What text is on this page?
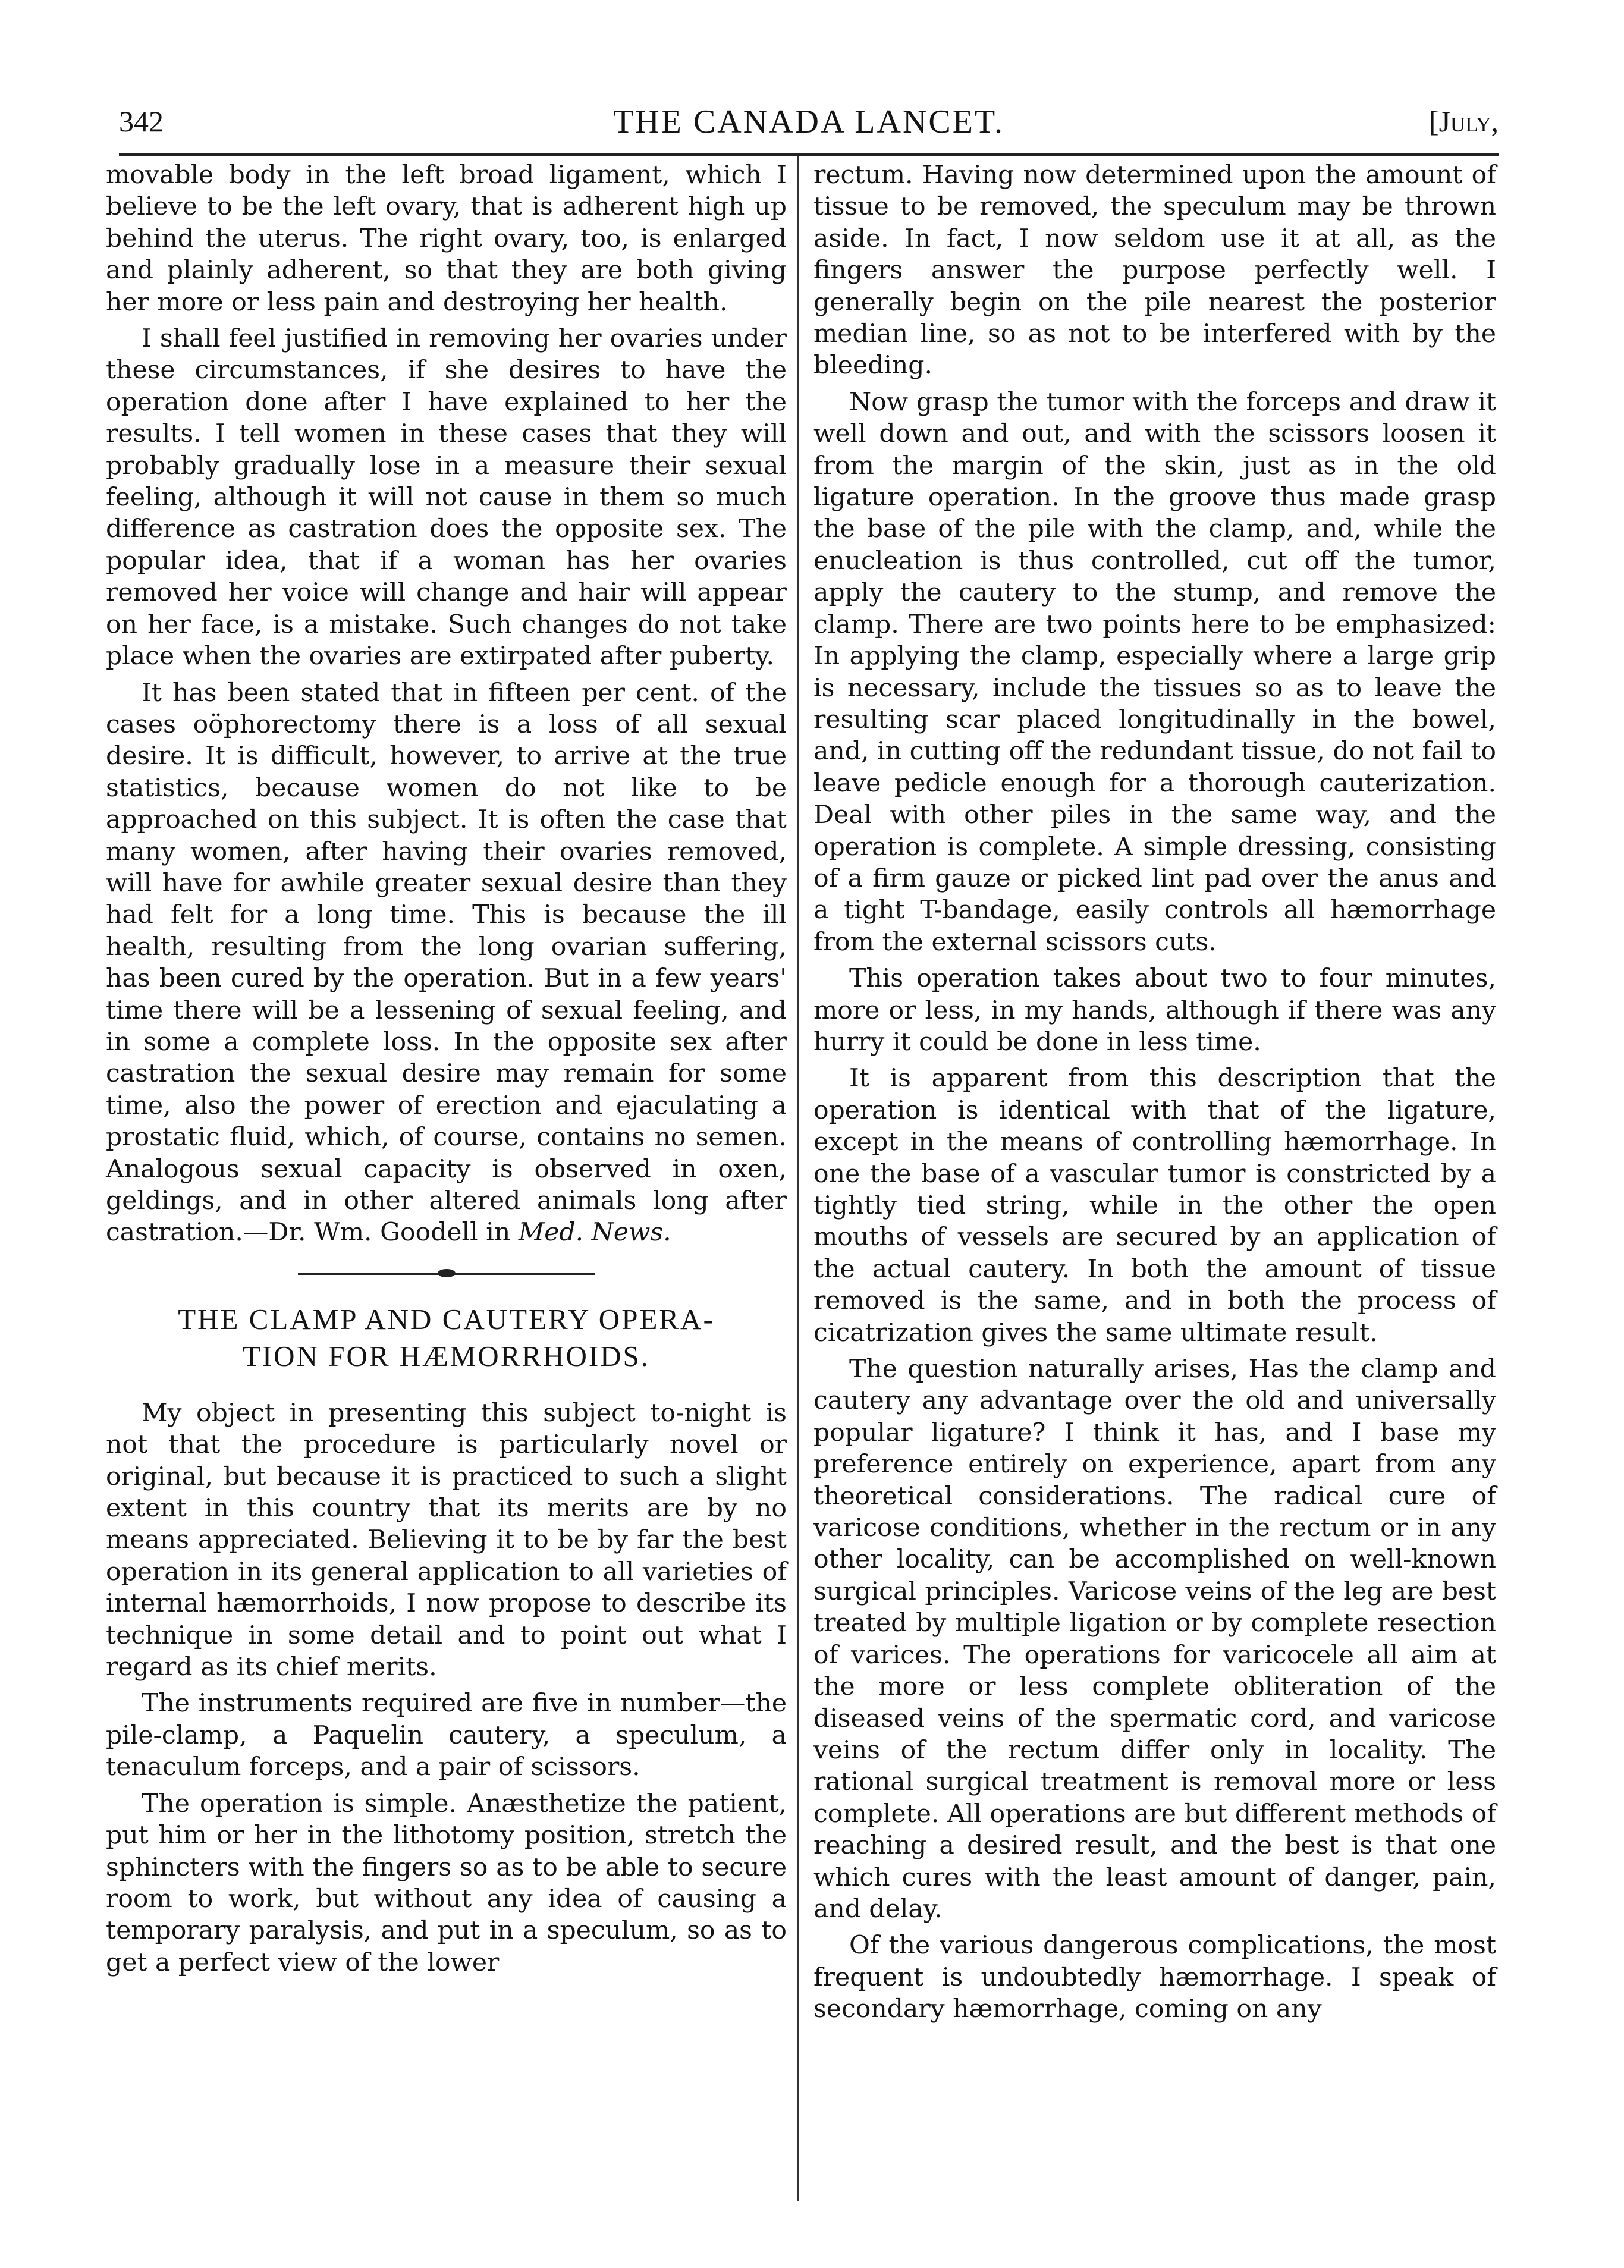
342	THE CANADA LANCET.	[July,

movable body in the left broad ligament, which I believe to be the left ovary, that is adherent high up behind the uterus. The right ovary, too, is enlarged and plainly adherent, so that they are both giving her more or less pain and destroying her health.

I shall feel justified in removing her ovaries under these circumstances, if she desires to have the operation done after I have explained to her the results. I tell women in these cases that they will probably gradually lose in a measure their sexual feeling, although it will not cause in them so much difference as castration does the opposite sex. The popular idea, that if a woman has her ovaries removed her voice will change and hair will appear on her face, is a mistake. Such changes do not take place when the ovaries are extirpated after puberty.

It has been stated that in fifteen per cent. of the cases oöphorectomy there is a loss of all sexual desire. It is difficult, however, to arrive at the true statistics, because women do not like to be approached on this subject. It is often the case that many women, after having their ovaries removed, will have for awhile greater sexual desire than they had felt for a long time. This is because the ill health, resulting from the long ovarian suffering, has been cured by the operation. But in a few years' time there will be a lessening of sexual feeling, and in some a complete loss. In the opposite sex after castration the sexual desire may remain for some time, also the power of erection and ejaculating a prostatic fluid, which, of course, contains no semen. Analogous sexual capacity is observed in oxen, geldings, and in other altered animals long after castration.—Dr. Wm. Goodell in Med. News.

THE CLAMP AND CAUTERY OPERA-
TION FOR HÆMORRHOIDS.

My object in presenting this subject to-night is not that the procedure is particularly novel or original, but because it is practiced to such a slight extent in this country that its merits are by no means appreciated. Believing it to be by far the best operation in its general application to all varieties of internal hæmorrhoids, I now propose to describe its technique in some detail and to point out what I regard as its chief merits.

The instruments required are five in number—the pile-clamp, a Paquelin cautery, a speculum, a tenaculum forceps, and a pair of scissors.

The operation is simple. Anæsthetize the patient, put him or her in the lithotomy position, stretch the sphincters with the fingers so as to be able to secure room to work, but without any idea of causing a temporary paralysis, and put in a speculum, so as to get a perfect view of the lower

rectum. Having now determined upon the amount of tissue to be removed, the speculum may be thrown aside. In fact, I now seldom use it at all, as the fingers answer the purpose perfectly well. I generally begin on the pile nearest the posterior median line, so as not to be interfered with by the bleeding.

Now grasp the tumor with the forceps and draw it well down and out, and with the scissors loosen it from the margin of the skin, just as in the old ligature operation. In the groove thus made grasp the base of the pile with the clamp, and, while the enucleation is thus controlled, cut off the tumor, apply the cautery to the stump, and remove the clamp. There are two points here to be emphasized: In applying the clamp, especially where a large grip is necessary, include the tissues so as to leave the resulting scar placed longitudinally in the bowel, and, in cutting off the redundant tissue, do not fail to leave pedicle enough for a thorough cauterization. Deal with other piles in the same way, and the operation is complete. A simple dressing, consisting of a firm gauze or picked lint pad over the anus and a tight T-bandage, easily controls all hæmorrhage from the external scissors cuts.

This operation takes about two to four minutes, more or less, in my hands, although if there was any hurry it could be done in less time.

It is apparent from this description that the operation is identical with that of the ligature, except in the means of controlling hæmorrhage. In one the base of a vascular tumor is constricted by a tightly tied string, while in the other the open mouths of vessels are secured by an application of the actual cautery. In both the amount of tissue removed is the same, and in both the process of cicatrization gives the same ultimate result.

The question naturally arises, Has the clamp and cautery any advantage over the old and universally popular ligature? I think it has, and I base my preference entirely on experience, apart from any theoretical considerations. The radical cure of varicose conditions, whether in the rectum or in any other locality, can be accomplished on well-known surgical principles. Varicose veins of the leg are best treated by multiple ligation or by complete resection of varices. The operations for varicocele all aim at the more or less complete obliteration of the diseased veins of the spermatic cord, and varicose veins of the rectum differ only in locality. The rational surgical treatment is removal more or less complete. All operations are but different methods of reaching a desired result, and the best is that one which cures with the least amount of danger, pain, and delay.

Of the various dangerous complications, the most frequent is undoubtedly hæmorrhage. I speak of secondary hæmorrhage, coming on any
